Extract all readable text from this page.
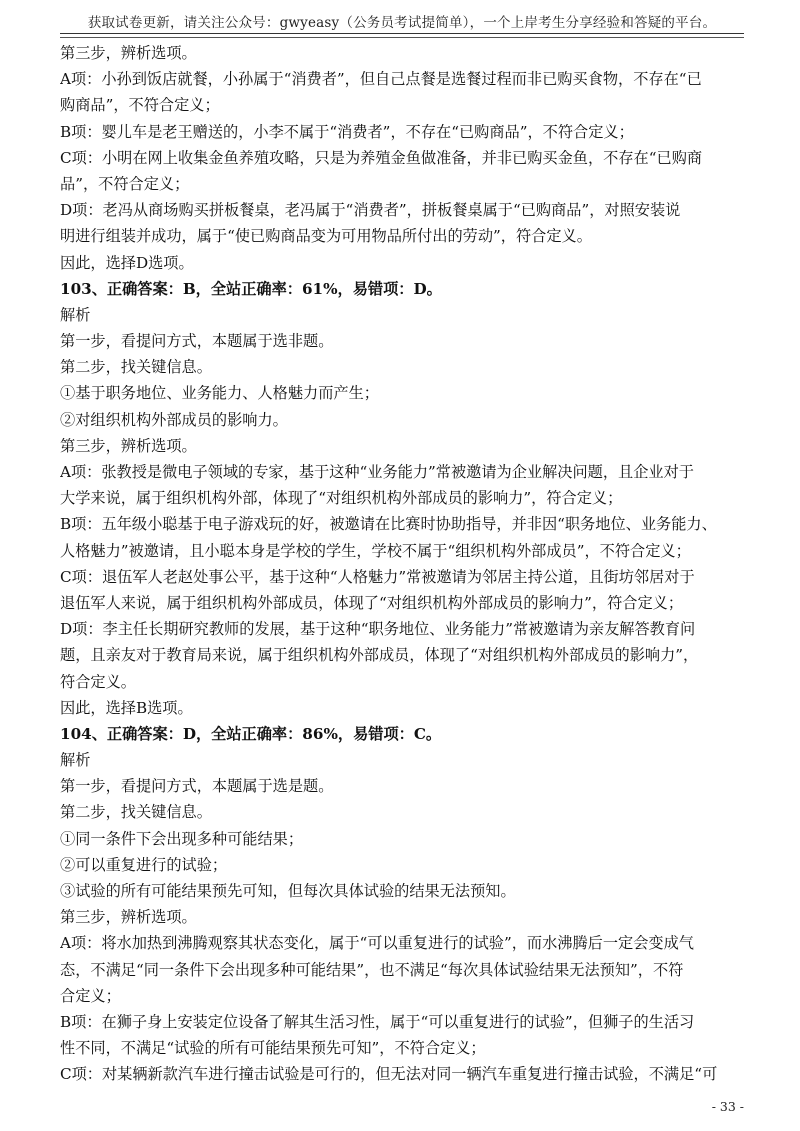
获取试卷更新，请关注公众号：gwyeasy（公务员考试提简单），一个上岸考生分享经验和答疑的平台。
第三步，辨析选项。
A项：小孙到饭店就餐，小孙属于“消费者”，但自己点餐是选餐过程而非已购买食物，不存在“已
购商品”，不符合定义；
B项：婴儿车是老王赠送的，小李不属于“消费者”，不存在“已购商品”，不符合定义；
C项：小明在网上收集金鱼养殖攻略，只是为养殖金鱼做准备，并非已购买金鱼，不存在“已购商
品”，不符合定义；
D项：老冯从商场购买拼板餐桌，老冯属于“消费者”，拼板餐桌属于“已购商品”，对照安装说
明进行组装并成功，属于“使已购商品变为可用物品所付出的劳动”，符合定义。
因此，选择D选项。
103、正确答案：B，全站正确率：61%，易错项：D。
解析
第一步，看提问方式，本题属于选非题。
第二步，找关键信息。
①基于职务地位、业务能力、人格魅力而产生；
②对组织机构外部成员的影响力。
第三步，辨析选项。
A项：张教授是微电子领域的专家，基于这种“业务能力”常被邀请为企业解决问题，且企业对于
大学来说，属于组织机构外部，体现了“对组织机构外部成员的影响力”，符合定义；
B项：五年级小聪基于电子游戏玩的好，被邀请在比赛时协助指导，并非因“职务地位、业务能力、
人格魅力”被邀请，且小聪本身是学校的学生，学校不属于“组织机构外部成员”，不符合定义；
C项：退伍军人老赵处事公平，基于这种“人格魅力”常被邀请为邻居主持公道，且街坊邻居对于
退伍军人来说，属于组织机构外部成员，体现了“对组织机构外部成员的影响力”，符合定义；
D项：李主任长期研究教师的发展，基于这种“职务地位、业务能力”常被邀请为亲友解答教育问
题，且亲友对于教育局来说，属于组织机构外部成员，体现了“对组织机构外部成员的影响力”，
符合定义。
因此，选择B选项。
104、正确答案：D，全站正确率：86%，易错项：C。
解析
第一步，看提问方式，本题属于选是题。
第二步，找关键信息。
①同一条件下会出现多种可能结果；
②可以重复进行的试验；
③试验的所有可能结果预先可知，但每次具体试验的结果无法预知。
第三步，辨析选项。
A项：将水加热到沸腾观察其状态变化，属于“可以重复进行的试验”，而水沸腾后一定会变成气
态，不满足“同一条件下会出现多种可能结果”，也不满足“每次具体试验结果无法预知”，不符
合定义；
B项：在狮子身上安装定位设备了解其生活习性，属于“可以重复进行的试验”，但狮子的生活习
性不同，不满足“试验的所有可能结果预先可知”，不符合定义；
C项：对某辆新款汽车进行撞击试验是可行的，但无法对同一辆汽车重复进行撞击试验，不满足“可
- 33 -
